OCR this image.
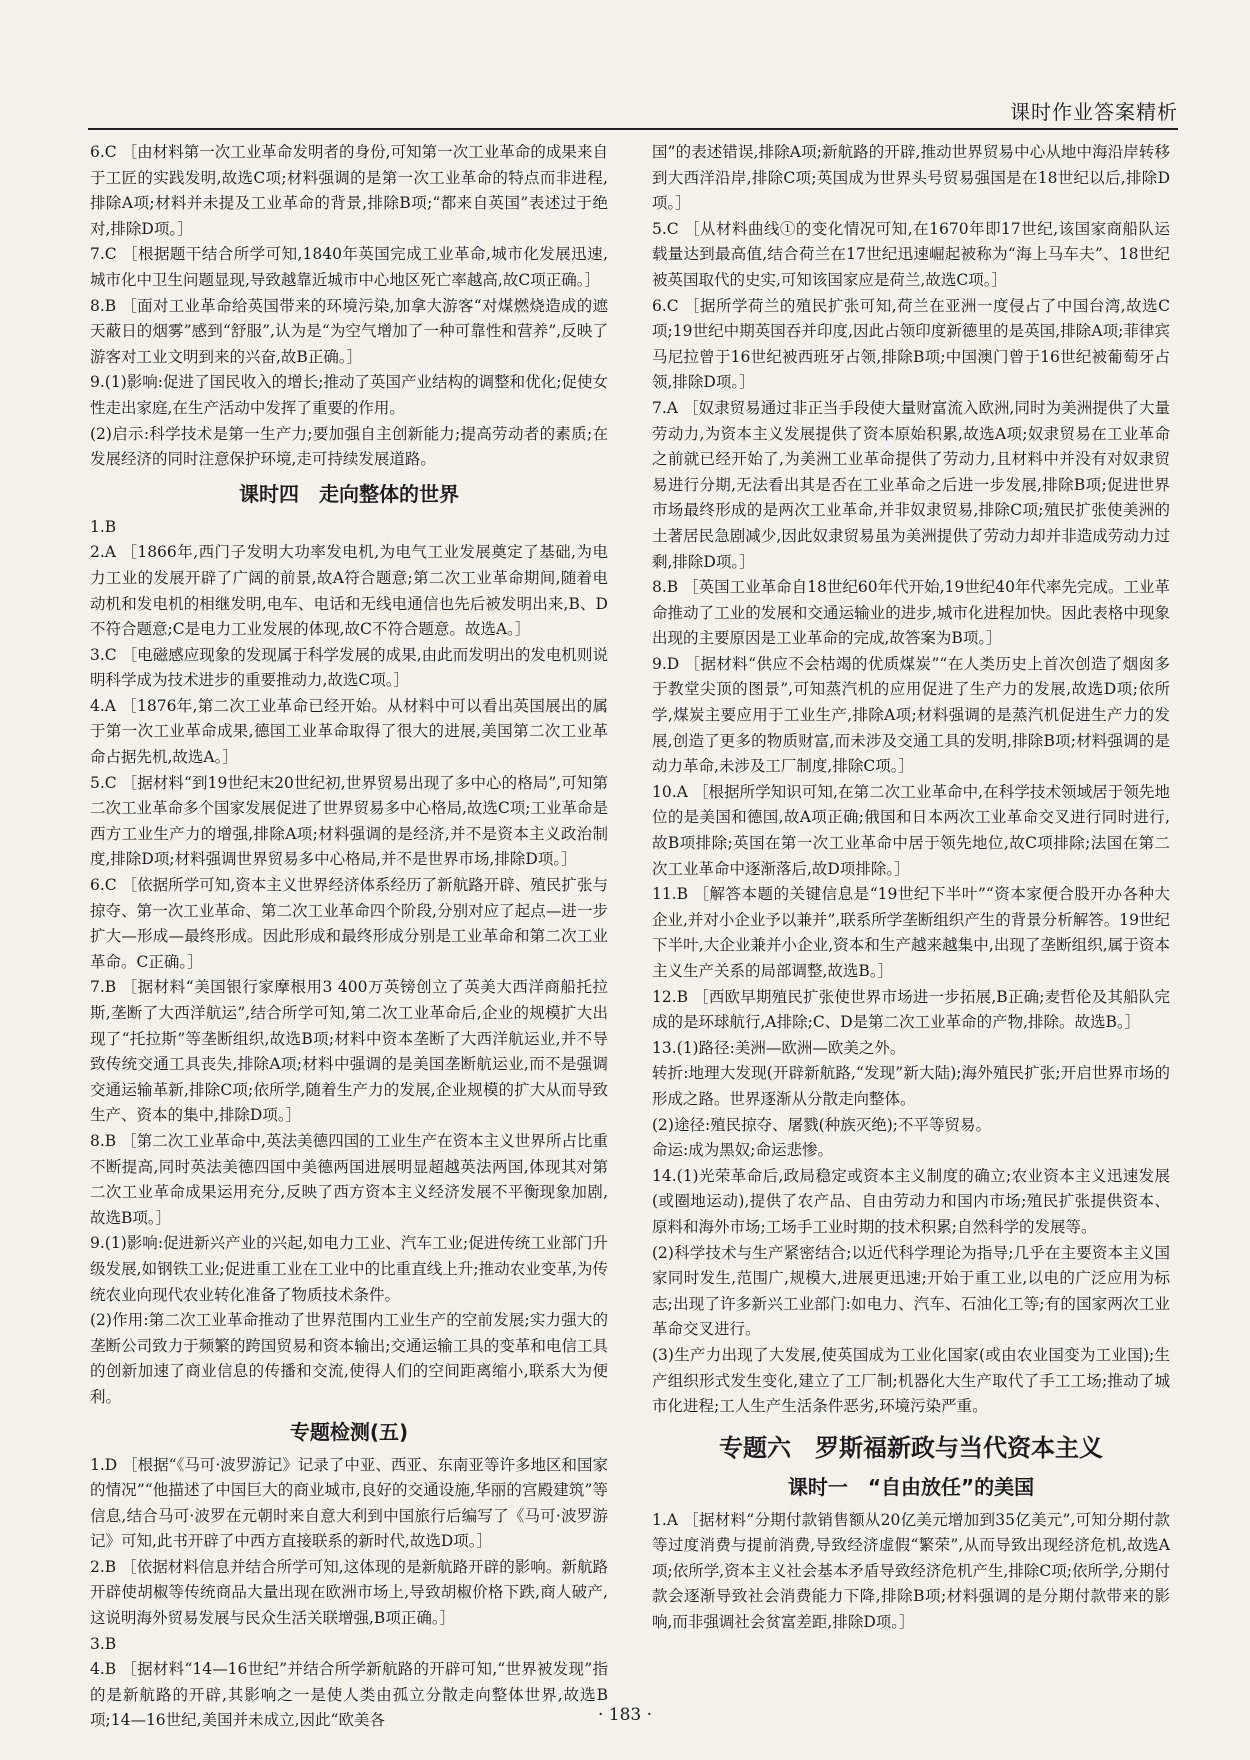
课时作业答案精析
6.C ［由材料第一次工业革命发明者的身份,可知第一次工业革命的成果来自于工匠的实践发明,故选C项;材料强调的是第一次工业革命的特点而非进程,排除A项;材料并未提及工业革命的背景,排除B项;“都来自英国”表述过于绝对,排除D项。］
7.C ［根据题干结合所学可知,1840年英国完成工业革命,城市化发展迅速,城市化中卫生问题显现,导致越靠近城市中心地区死亡率越高,故C项正确。］
8.B ［面对工业革命给英国带来的环境污染,加拿大游客“对煤燃烧造成的遮天蔽日的烟雾”感到“舒服”,认为是“为空气增加了一种可靠性和营养”,反映了游客对工业文明到来的兴奋,故B正确。］
9.(1)影响:促进了国民收入的增长;推动了英国产业结构的调整和优化;促使女性走出家庭,在生产活动中发挥了重要的作用。
(2)启示:科学技术是第一生产力;要加强自主创新能力;提高劳动者的素质;在发展经济的同时注意保护环境,走可持续发展道路。
课时四　走向整体的世界
1.B
2.A ［1866年,西门子发明大功率发电机,为电气工业发展奠定了基础,为电力工业的发展开辟了广阔的前景,故A符合题意;第二次工业革命期间,随着电动机和发电机的相继发明,电车、电话和无线电通信也先后被发明出来,B、D不符合题意;C是电力工业发展的体现,故C不符合题意。故选A。］
3.C ［电磁感应现象的发现属于科学发展的成果,由此而发明出的发电机则说明科学成为技术进步的重要推动力,故选C项。］
4.A ［1876年,第二次工业革命已经开始。从材料中可以看出英国展出的属于第一次工业革命成果,德国工业革命取得了很大的进展,美国第二次工业革命占据先机,故选A。］
5.C ［据材料“到19世纪末20世纪初,世界贸易出现了多中心的格局”,可知第二次工业革命多个国家发展促进了世界贸易多中心格局,故选C项;工业革命是西方工业生产力的增强,排除A项;材料强调的是经济,并不是资本主义政治制度,排除D项;材料强调世界贸易多中心格局,并不是世界市场,排除D项。］
6.C ［依据所学可知,资本主义世界经济体系经历了新航路开辟、殖民扩张与掠夺、第一次工业革命、第二次工业革命四个阶段,分别对应了起点—进一步扩大—形成—最终形成。因此形成和最终形成分别是工业革命和第二次工业革命。C正确。］
7.B ［据材料“美国银行家摩根用3 400万英镑创立了英美大西洋商船托拉斯,垄断了大西洋航运”,结合所学可知,第二次工业革命后,企业的规模扩大出现了“托拉斯”等垄断组织,故选B项;材料中资本垄断了大西洋航运业,并不导致传统交通工具丧失,排除A项;材料中强调的是美国垄断航运业,而不是强调交通运输革新,排除C项;依所学,随着生产力的发展,企业规模的扩大从而导致生产、资本的集中,排除D项。］
8.B ［第二次工业革命中,英法美德四国的工业生产在资本主义世界所占比重不断提高,同时英法美德四国中美德两国进展明显超越英法两国,体现其对第二次工业革命成果运用充分,反映了西方资本主义经济发展不平衡现象加剧,故选B项。］
9.(1)影响:促进新兴产业的兴起,如电力工业、汽车工业;促进传统工业部门升级发展,如钢铁工业;促进重工业在工业中的比重直线上升;推动农业变革,为传统农业向现代农业转化准备了物质技术条件。
(2)作用:第二次工业革命推动了世界范围内工业生产的空前发展;实力强大的垄断公司致力于频繁的跨国贸易和资本输出;交通运输工具的变革和电信工具的创新加速了商业信息的传播和交流,使得人们的空间距离缩小,联系大为便利。
专题检测(五)
1.D ［根据“《马可·波罗游记》记录了中亚、西亚、东南亚等许多地区和国家的情况”“他描述了中国巨大的商业城市,良好的交通设施,华丽的宫殿建筑”等信息,结合马可·波罗在元朝时来自意大利到中国旅行后编写了《马可·波罗游记》可知,此书开辟了中西方直接联系的新时代,故选D项。］
2.B ［依据材料信息并结合所学可知,这体现的是新航路开辟的影响。新航路开辟使胡椒等传统商品大量出现在欧洲市场上,导致胡椒价格下跌,商人破产,这说明海外贸易发展与民众生活关联增强,B项正确。］
3.B
4.B ［据材料“14—16世纪”并结合所学新航路的开辟可知,“世界被发现”指的是新航路的开辟,其影响之一是使人类由孤立分散走向整体世界,故选B项;14—16世纪,美国并未成立,因此“欧美各
国”的表述错误,排除A项;新航路的开辟,推动世界贸易中心从地中海沿岸转移到大西洋沿岸,排除C项;英国成为世界头号贸易强国是在18世纪以后,排除D项。］
5.C ［从材料曲线①的变化情况可知,在1670年即17世纪,该国家商船队运载量达到最高值,结合荷兰在17世纪迅速崛起被称为“海上马车夫”、18世纪被英国取代的史实,可知该国家应是荷兰,故选C项。］
6.C ［据所学荷兰的殖民扩张可知,荷兰在亚洲一度侵占了中国台湾,故选C项;19世纪中期英国吞并印度,因此占领印度新德里的是英国,排除A项;菲律宾马尼拉曾于16世纪被西班牙占领,排除B项;中国澳门曾于16世纪被葡萄牙占领,排除D项。］
7.A ［奴隶贸易通过非正当手段使大量财富流入欧洲,同时为美洲提供了大量劳动力,为资本主义发展提供了资本原始积累,故选A项;奴隶贸易在工业革命之前就已经开始了,为美洲工业革命提供了劳动力,且材料中并没有对奴隶贸易进行分期,无法看出其是否在工业革命之后进一步发展,排除B项;促进世界市场最终形成的是两次工业革命,并非奴隶贸易,排除C项;殖民扩张使美洲的土著居民急剧减少,因此奴隶贸易虽为美洲提供了劳动力却并非造成劳动力过剩,排除D项。］
8.B ［英国工业革命自18世纪60年代开始,19世纪40年代率先完成。工业革命推动了工业的发展和交通运输业的进步,城市化进程加快。因此表格中现象出现的主要原因是工业革命的完成,故答案为B项。］
9.D ［据材料“供应不会枯竭的优质煤炭”“在人类历史上首次创造了烟囱多于教堂尖顶的图景”,可知蒸汽机的应用促进了生产力的发展,故选D项;依所学,煤炭主要应用于工业生产,排除A项;材料强调的是蒸汽机促进生产力的发展,创造了更多的物质财富,而未涉及交通工具的发明,排除B项;材料强调的是动力革命,未涉及工厂制度,排除C项。］
10.A ［根据所学知识可知,在第二次工业革命中,在科学技术领域居于领先地位的是美国和德国,故A项正确;俄国和日本两次工业革命交叉进行同时进行,故B项排除;英国在第一次工业革命中居于领先地位,故C项排除;法国在第二次工业革命中逐渐落后,故D项排除。］
11.B ［解答本题的关键信息是“19世纪下半叶”“资本家便合股开办各种大企业,并对小企业予以兼并”,联系所学垄断组织产生的背景分析解答。19世纪下半叶,大企业兼并小企业,资本和生产越来越集中,出现了垄断组织,属于资本主义生产关系的局部调整,故选B。］
12.B ［西欧早期殖民扩张使世界市场进一步拓展,B正确;麦哲伦及其船队完成的是环球航行,A排除;C、D是第二次工业革命的产物,排除。故选B。］
13.(1)路径:美洲—欧洲—欧美之外。
转折:地理大发现(开辟新航路,“发现”新大陆);海外殖民扩张;开启世界市场的形成之路。世界逐渐从分散走向整体。
(2)途径:殖民掠夺、屠戮(种族灭绝);不平等贸易。
命运:成为黑奴;命运悲惨。
14.(1)光荣革命后,政局稳定或资本主义制度的确立;农业资本主义迅速发展(或圈地运动),提供了农产品、自由劳动力和国内市场;殖民扩张提供资本、原料和海外市场;工场手工业时期的技术积累;自然科学的发展等。
(2)科学技术与生产紧密结合;以近代科学理论为指导;几乎在主要资本主义国家同时发生,范围广,规模大,进展更迅速;开始于重工业,以电的广泛应用为标志;出现了许多新兴工业部门:如电力、汽车、石油化工等;有的国家两次工业革命交叉进行。
(3)生产力出现了大发展,使英国成为工业化国家(或由农业国变为工业国);生产组织形式发生变化,建立了工厂制;机器化大生产取代了手工工场;推动了城市化进程;工人生产生活条件恶劣,环境污染严重。
专题六　罗斯福新政与当代资本主义
课时一　“自由放任”的美国
1.A ［据材料“分期付款销售额从20亿美元增加到35亿美元”,可知分期付款等过度消费与提前消费,导致经济虚假“繁荣”,从而导致出现经济危机,故选A项;依所学,资本主义社会基本矛盾导致经济危机产生,排除C项;依所学,分期付款会逐渐导致社会消费能力下降,排除B项;材料强调的是分期付款带来的影响,而非强调社会贫富差距,排除D项。］
· 183 ·
